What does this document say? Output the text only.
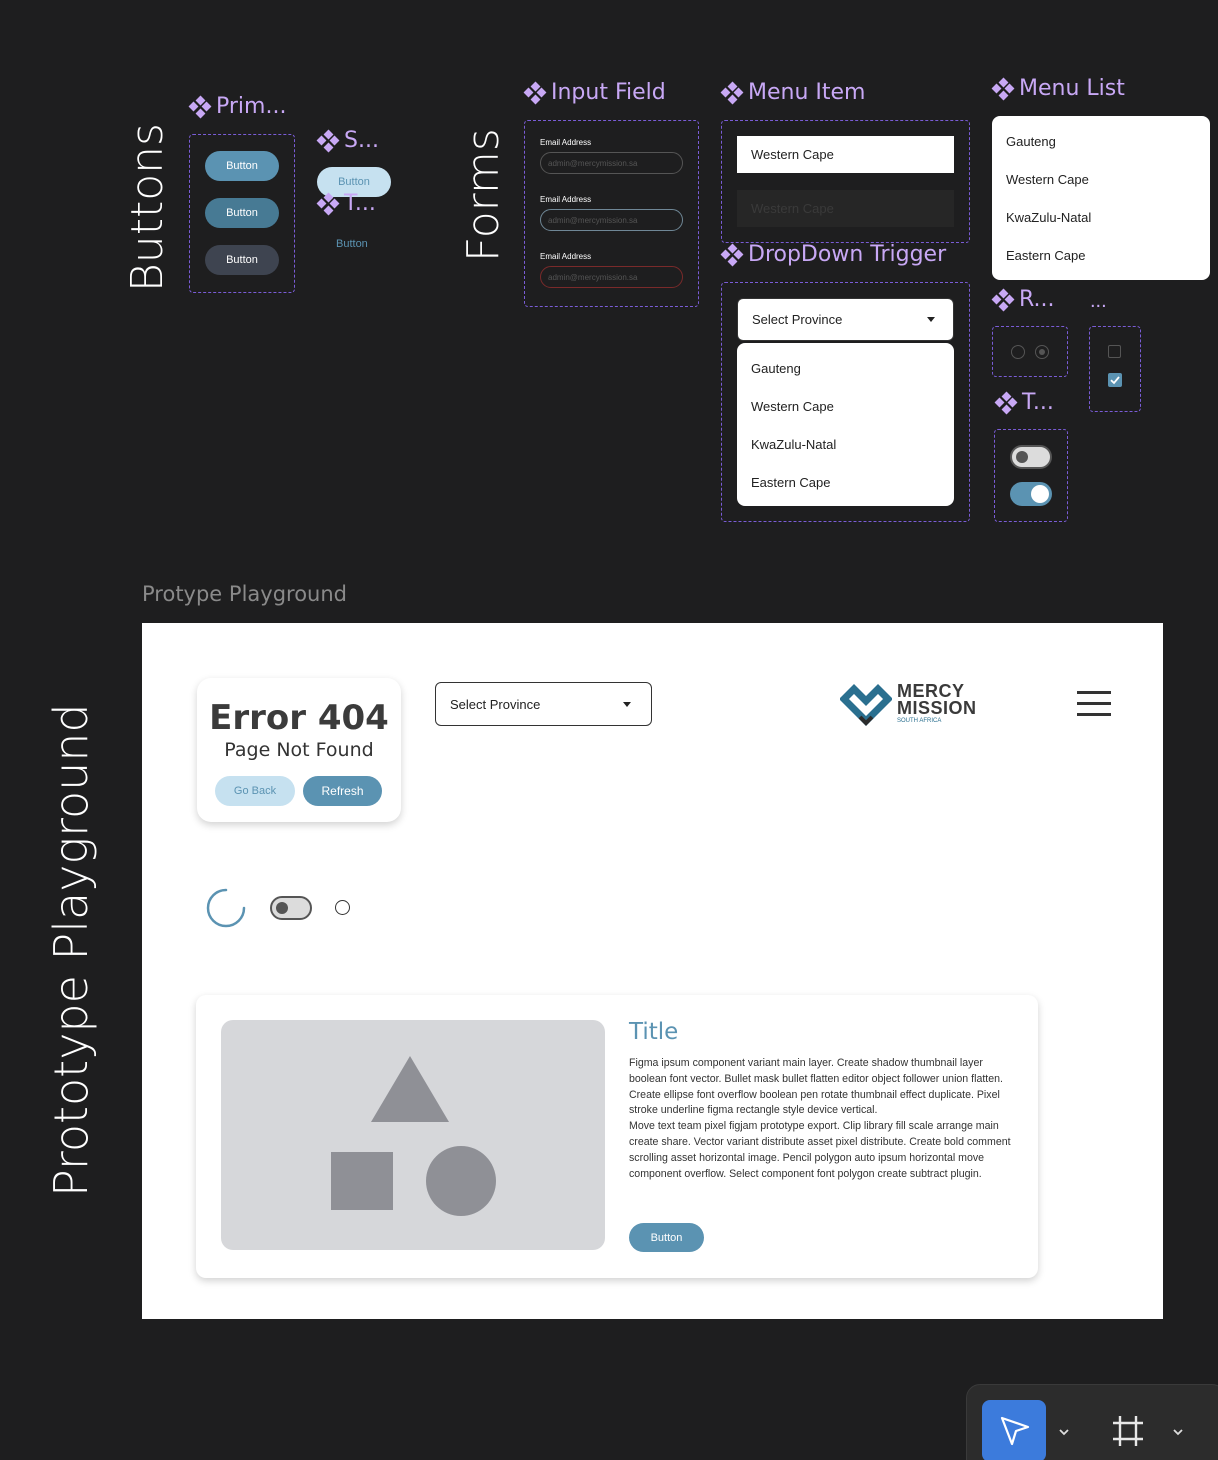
Buttons	Forms
Prototype Playground
Prim...
Button
Button
Button
S...
Button
T...
Button
Input Field
Email Address
admin@mercymission.sa
Email Address
admin@mercymission.sa
Email Address
admin@mercymission.sa
Menu Item
Western Cape
Western Cape
DropDown Trigger
Select Province
Gauteng
Western Cape
KwaZulu-Natal
Eastern Cape
Menu List
Gauteng
Western Cape
KwaZulu-Natal
Eastern Cape
R... ...
T...
Protype Playground
Error 404
Page Not Found
Go Back	Refresh
Select Province
MERCY
MISSION
SOUTH AFRICA
Title
Figma ipsum component variant main layer. Create shadow thumbnail layer boolean font vector. Bullet mask bullet flatten editor object follower union flatten. Create ellipse font overflow boolean pen rotate thumbnail effect duplicate. Pixel stroke underline figma rectangle style device vertical.
Move text team pixel figjam prototype export. Clip library fill scale arrange main create share. Vector variant distribute asset pixel distribute. Create bold comment scrolling asset horizontal image. Pencil polygon auto ipsum horizontal move component overflow. Select component font polygon create subtract plugin.
Button
